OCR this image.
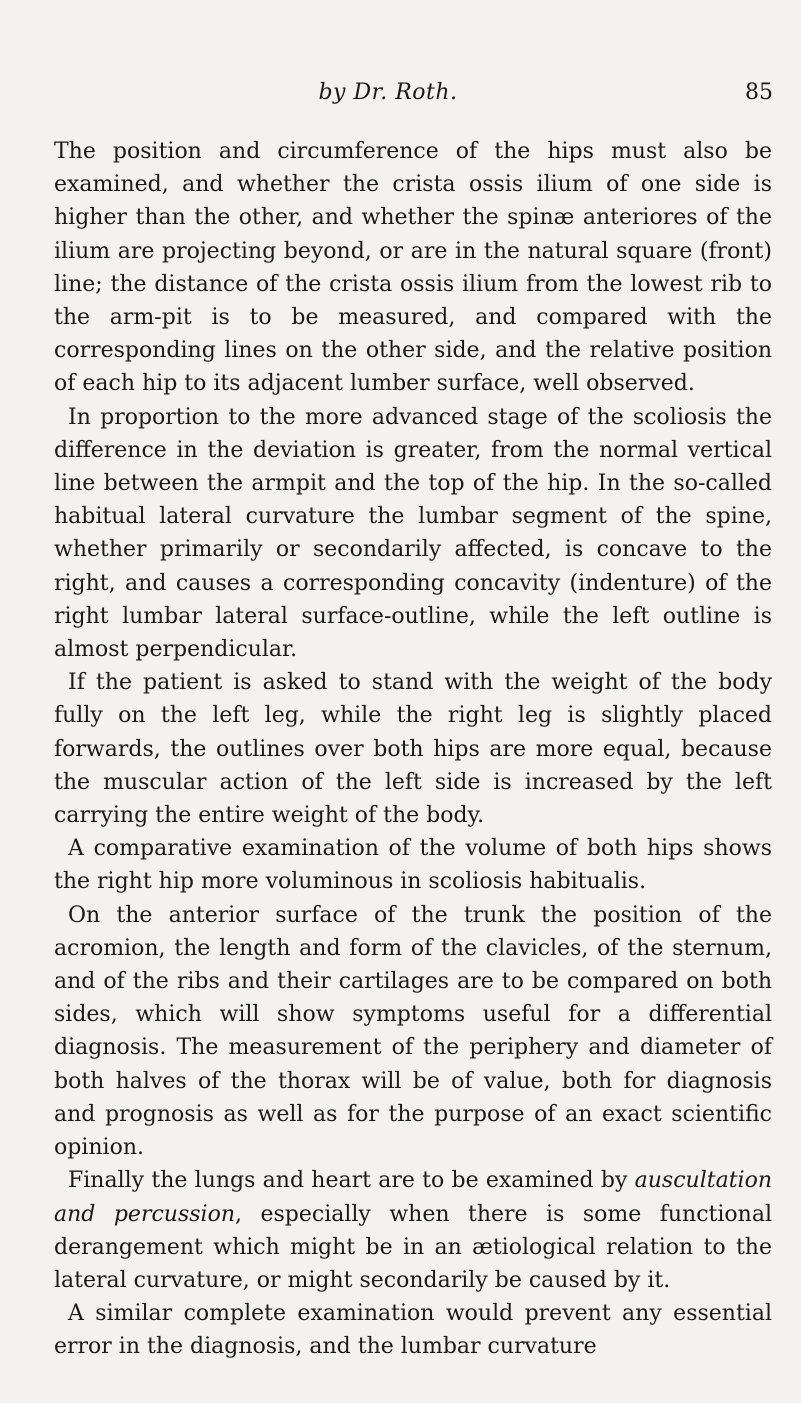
by Dr. Roth.	85

The position and circumference of the hips must also be examined, and whether the crista ossis ilium of one side is higher than the other, and whether the spinæ anteriores of the ilium are projecting beyond, or are in the natural square (front) line; the distance of the crista ossis ilium from the lowest rib to the arm-pit is to be measured, and compared with the corresponding lines on the other side, and the relative position of each hip to its adjacent lumber surface, well observed.

In proportion to the more advanced stage of the scoliosis the difference in the deviation is greater, from the normal vertical line between the armpit and the top of the hip. In the so-called habitual lateral curvature the lumbar segment of the spine, whether primarily or secondarily affected, is concave to the right, and causes a corresponding concavity (indenture) of the right lumbar lateral surface-outline, while the left outline is almost perpendicular.

If the patient is asked to stand with the weight of the body fully on the left leg, while the right leg is slightly placed forwards, the outlines over both hips are more equal, because the muscular action of the left side is increased by the left carrying the entire weight of the body.

A comparative examination of the volume of both hips shows the right hip more voluminous in scoliosis habitualis.

On the anterior surface of the trunk the position of the acromion, the length and form of the clavicles, of the sternum, and of the ribs and their cartilages are to be compared on both sides, which will show symptoms useful for a differential diagnosis. The measurement of the periphery and diameter of both halves of the thorax will be of value, both for diagnosis and prognosis as well as for the purpose of an exact scientific opinion.

Finally the lungs and heart are to be examined by auscultation and percussion, especially when there is some functional derangement which might be in an ætiological relation to the lateral curvature, or might secondarily be caused by it.

A similar complete examination would prevent any essential error in the diagnosis, and the lumbar curvature
